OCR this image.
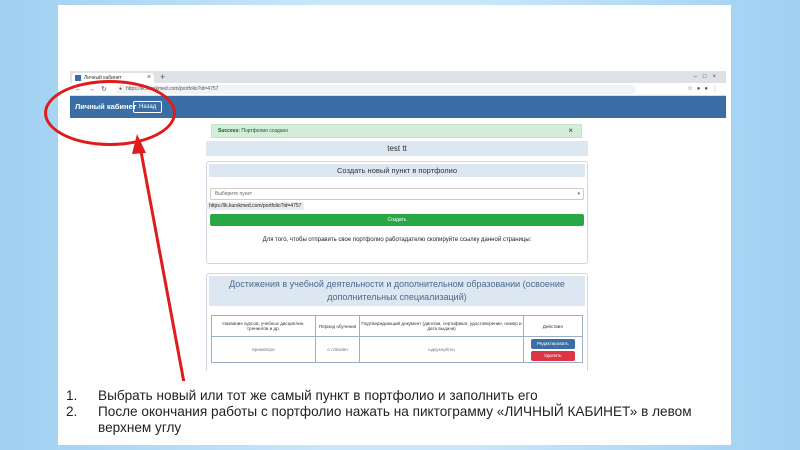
Личный кабинет	× +	–□×
← → ↻ ● https://lk.kurskmed.com/portfolio?id=4757	☆●●⋮
Личный кабинет Назад
Success: Портфолио создано	×
test tt
Создать новый пункт в портфолио
Выберите пункт	▾
Создать
Для того, чтобы отправить свое портфолио работадателю скопируйте ссылку данной страницы:
https://lk.kurskmed.com/portfolio?id=4757
Достижения в учебной деятельности и дополнительном образовании (освоение дополнительных специализаций)
Название курсов, учебных дисциплин, тренингов и др.	Период обучения	Подтверждающий документ (диплом, сертификат, удостоверение, номер и дата выдачи)	Действия
вримпвгри	о спвкпвп	ыдкукнуйгпц	Редактировать
Удалить
1. Выбрать новый или тот же самый пункт в портфолио и заполнить его
2. После окончания работы с портфолио нажать на пиктограмму «ЛИЧНЫЙ КАБИНЕТ» в левом верхнем углу
